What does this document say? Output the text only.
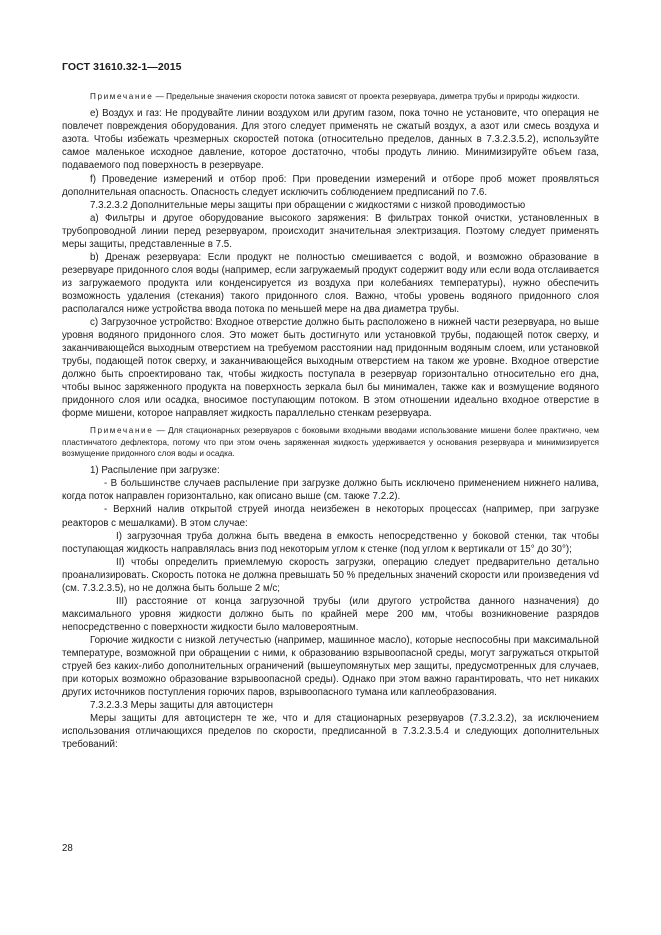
ГОСТ 31610.32-1—2015

Примечание — Предельные значения скорости потока зависят от проекта резервуара, диметра трубы и природы жидкости.

е) Воздух и газ: Не продувайте линии воздухом или другим газом, пока точно не установите, что операция не повлечет повреждения оборудования. Для этого следует применять не сжатый воздух, а азот или смесь воздуха и азота. Чтобы избежать чрезмерных скоростей потока (относительно пределов, данных в 7.3.2.3.5.2), используйте самое маленькое исходное давление, которое достаточно, чтобы продуть линию. Минимизируйте объем газа, подаваемого под поверхность в резервуаре.

f) Проведение измерений и отбор проб: При проведении измерений и отборе проб может проявляться дополнительная опасность. Опасность следует исключить соблюдением предписаний по 7.6.

7.3.2.3.2 Дополнительные меры защиты при обращении с жидкостями с низкой проводимостью

а) Фильтры и другое оборудование высокого заряжения: В фильтрах тонкой очистки, установленных в трубопроводной линии перед резервуаром, происходит значительная электризация. Поэтому следует применять меры защиты, представленные в 7.5.

b) Дренаж резервуара: Если продукт не полностью смешивается с водой, и возможно образование в резервуаре придонного слоя воды (например, если загружаемый продукт содержит воду или если вода отслаивается из загружаемого продукта или конденсируется из воздуха при колебаниях температуры), нужно обеспечить возможность удаления (стекания) такого придонного слоя. Важно, чтобы уровень водяного придонного слоя располагался ниже устройства ввода потока по меньшей мере на два диаметра трубы.

с) Загрузочное устройство: Входное отверстие должно быть расположено в нижней части резервуара, но выше уровня водяного придонного слоя. Это может быть достигнуто или установкой трубы, подающей поток сверху, и заканчивающейся выходным отверстием на требуемом расстоянии над придонным водяным слоем, или установкой трубы, подающей поток сверху, и заканчивающейся выходным отверстием на таком же уровне. Входное отверстие должно быть спроектировано так, чтобы жидкость поступала в резервуар горизонтально относительно его дна, чтобы вынос заряженного продукта на поверхность зеркала был бы минимален, также как и возмущение водяного придонного слоя или осадка, вносимое поступающим потоком. В этом отношении идеально входное отверстие в форме мишени, которое направляет жидкость параллельно стенкам резервуара.

Примечание — Для стационарных резервуаров с боковыми входными вводами использование мишени более практично, чем пластинчатого дефлектора, потому что при этом очень заряженная жидкость удерживается у основания резервуара и минимизируется возмущение придонного слоя воды и осадка.

1) Распыление при загрузке:

- В большинстве случаев распыление при загрузке должно быть исключено применением нижнего налива, когда поток направлен горизонтально, как описано выше (см. также 7.2.2).

- Верхний налив открытой струей иногда неизбежен в некоторых процессах (например, при загрузке реакторов с мешалками). В этом случае:

I) загрузочная труба должна быть введена в емкость непосредственно у боковой стенки, так чтобы поступающая жидкость направлялась вниз под некоторым углом к стенке (под углом к вертикали от 15° до 30°);

II) чтобы определить приемлемую скорость загрузки, операцию следует предварительно детально проанализировать. Скорость потока не должна превышать 50 % предельных значений скорости или произведения vd (см. 7.3.2.3.5), но не должна быть больше 2 м/с;

III) расстояние от конца загрузочной трубы (или другого устройства данного назначения) до максимального уровня жидкости должно быть по крайней мере 200 мм, чтобы возникновение разрядов непосредственно с поверхности жидкости было маловероятным.

Горючие жидкости с низкой летучестью (например, машинное масло), которые неспособны при максимальной температуре, возможной при обращении с ними, к образованию взрывоопасной среды, могут загружаться открытой струей без каких-либо дополнительных ограничений (вышеупомянутых мер защиты, предусмотренных для случаев, при которых возможно образование взрывоопасной среды). Однако при этом важно гарантировать, что нет никаких других источников поступления горючих паров, взрывоопасного тумана или каплеобразования.

7.3.2.3.3 Меры защиты для автоцистерн

Меры защиты для автоцистерн те же, что и для стационарных резервуаров (7.3.2.3.2), за исключением использования отличающихся пределов по скорости, предписанной в 7.3.2.3.5.4 и следующих дополнительных требований:

28
